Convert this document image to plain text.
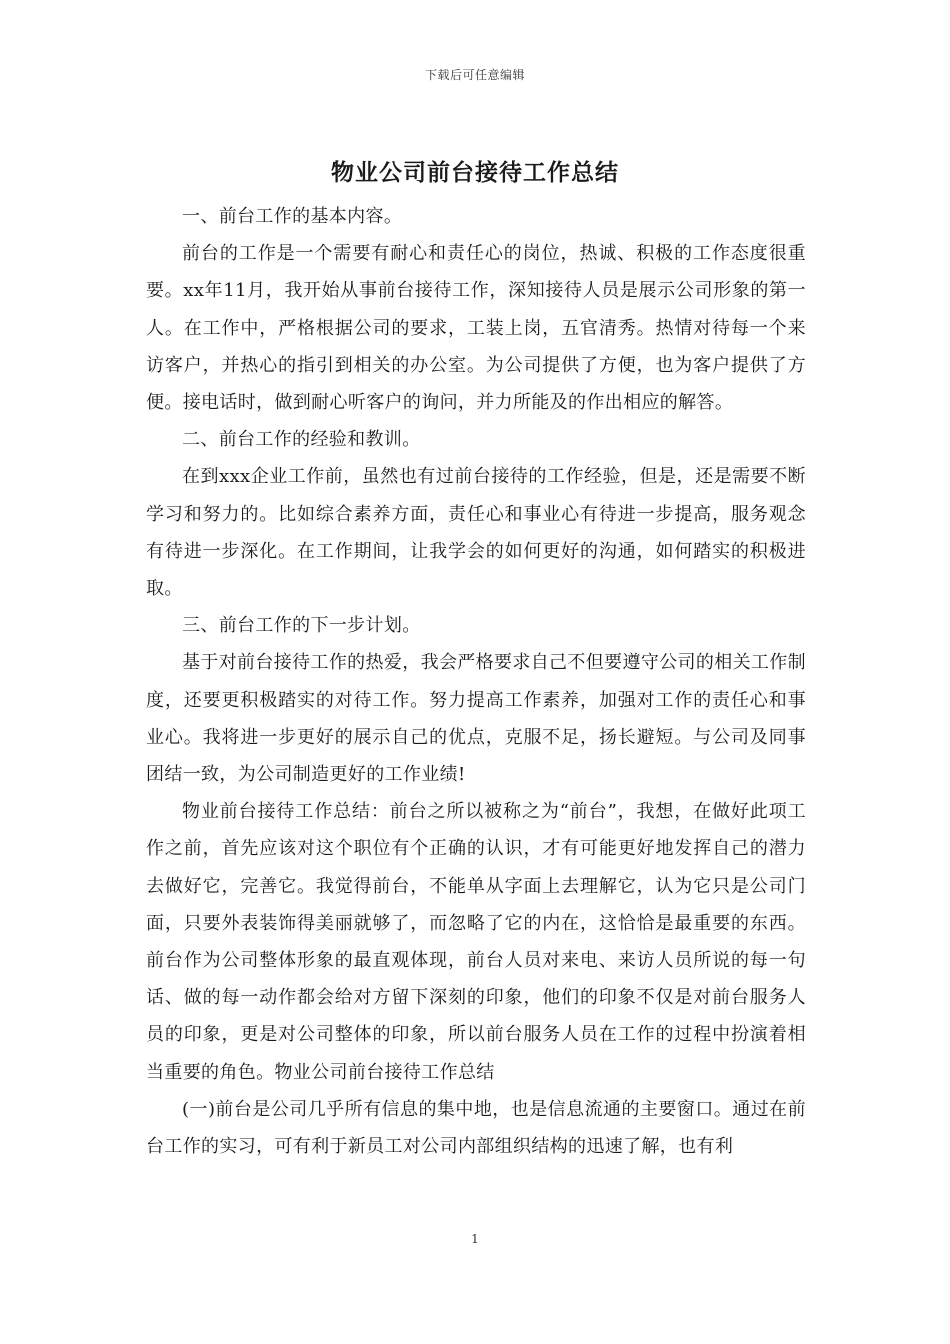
下载后可任意编辑
物业公司前台接待工作总结

一、前台工作的基本内容。

前台的工作是一个需要有耐心和责任心的岗位，热诚、积极的工作态度很重要。xx年11月，我开始从事前台接待工作，深知接待人员是展示公司形象的第一人。在工作中，严格根据公司的要求，工装上岗，五官清秀。热情对待每一个来访客户，并热心的指引到相关的办公室。为公司提供了方便，也为客户提供了方便。接电话时，做到耐心听客户的询问，并力所能及的作出相应的解答。

二、前台工作的经验和教训。

在到xxx企业工作前，虽然也有过前台接待的工作经验，但是，还是需要不断学习和努力的。比如综合素养方面，责任心和事业心有待进一步提高，服务观念有待进一步深化。在工作期间，让我学会的如何更好的沟通，如何踏实的积极进取。

三、前台工作的下一步计划。

基于对前台接待工作的热爱，我会严格要求自己不但要遵守公司的相关工作制度，还要更积极踏实的对待工作。努力提高工作素养，加强对工作的责任心和事业心。我将进一步更好的展示自己的优点，克服不足，扬长避短。与公司及同事团结一致，为公司制造更好的工作业绩!

物业前台接待工作总结：前台之所以被称之为“前台”，我想，在做好此项工作之前，首先应该对这个职位有个正确的认识，才有可能更好地发挥自己的潜力去做好它，完善它。我觉得前台，不能单从字面上去理解它，认为它只是公司门面，只要外表装饰得美丽就够了，而忽略了它的内在，这恰恰是最重要的东西。前台作为公司整体形象的最直观体现，前台人员对来电、来访人员所说的每一句话、做的每一动作都会给对方留下深刻的印象，他们的印象不仅是对前台服务人员的印象，更是对公司整体的印象，所以前台服务人员在工作的过程中扮演着相当重要的角色。物业公司前台接待工作总结

(一)前台是公司几乎所有信息的集中地，也是信息流通的主要窗口。通过在前台工作的实习，可有利于新员工对公司内部组织结构的迅速了解，也有利

1
